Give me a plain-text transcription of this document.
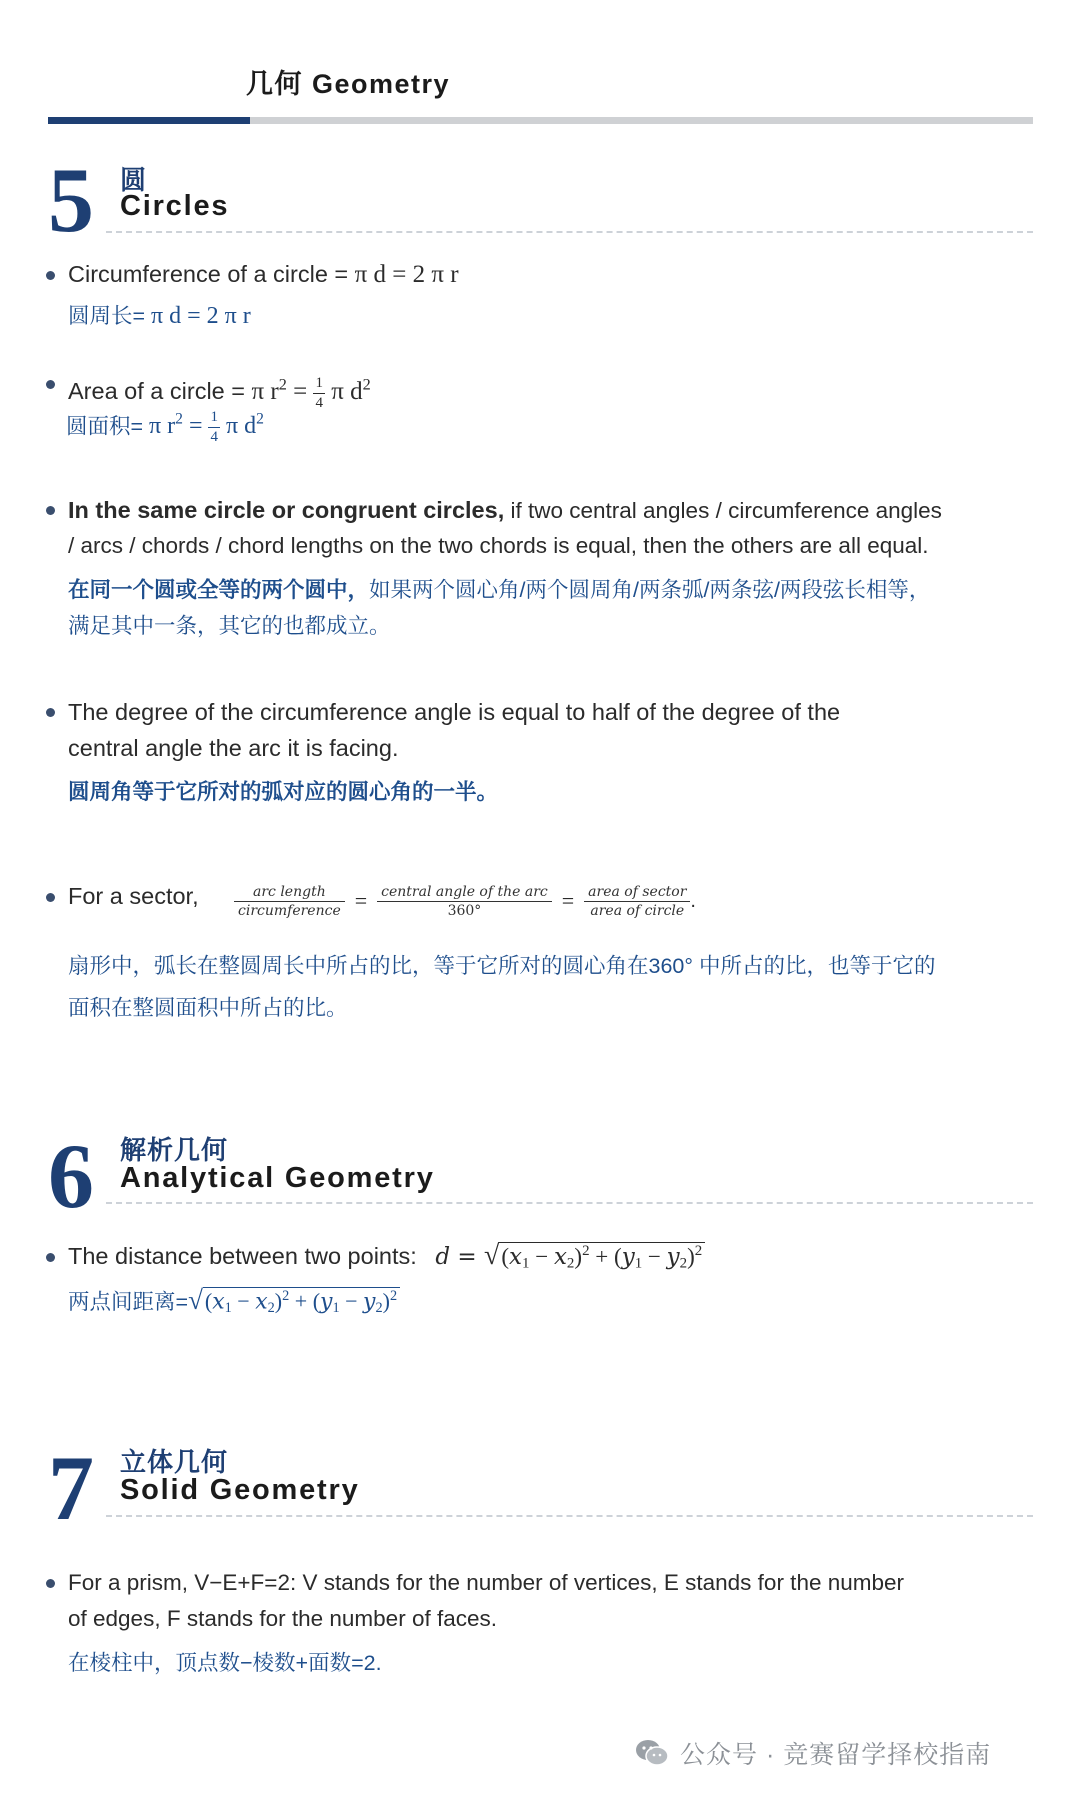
几何 Geometry
5 圆
Circles
Circumference of a circle = π d = 2 π r
圆周长= π d = 2 π r
Area of a circle = π $r^2 = \frac{1}{4}$ π $d^2$
圆面积= π $r^2 = \frac{1}{4}$ π $d^2$
In the same circle or congruent circles, if two central angles / circumference angles
/ arcs / chords / chord lengths on the two chords is equal, then the others are all equal.
在同一个圆或全等的两个圆中，如果两个圆心角/两个圆周角/两条弧/两条弦/两段弦长相等，
满足其中一条，其它的也都成立。
The degree of the circumference angle is equal to half of the degree of the
central angle the arc it is facing.
圆周角等于它所对的弧对应的圆心角的一半。
For a sector,	$\frac{\text{arc length}}{\text{circumference}} = \frac{\text{central angle of the arc}}{360^\circ} = \frac{\text{area of sector}}{\text{area of circle}}$ .
扇形中，弧长在整圆周长中所占的比，等于它所对的圆心角在360° 中所占的比，也等于它的
面积在整圆面积中所占的比。
6 解析几何
Analytical Geometry
The distance between two points: $d = √(x_1 - x_2)^2 + (y_1 - y_2)^2$
两点间距离$=√(x_1 - x_2)^2 + (y_1 - y_2)^2$
7 立体几何
Solid Geometry
For a prism, V−E+F=2: V stands for the number of vertices, E stands for the number
of edges, F stands for the number of faces.
在棱柱中，顶点数−棱数+面数=2.
公众号 · 竞赛留学择校指南
